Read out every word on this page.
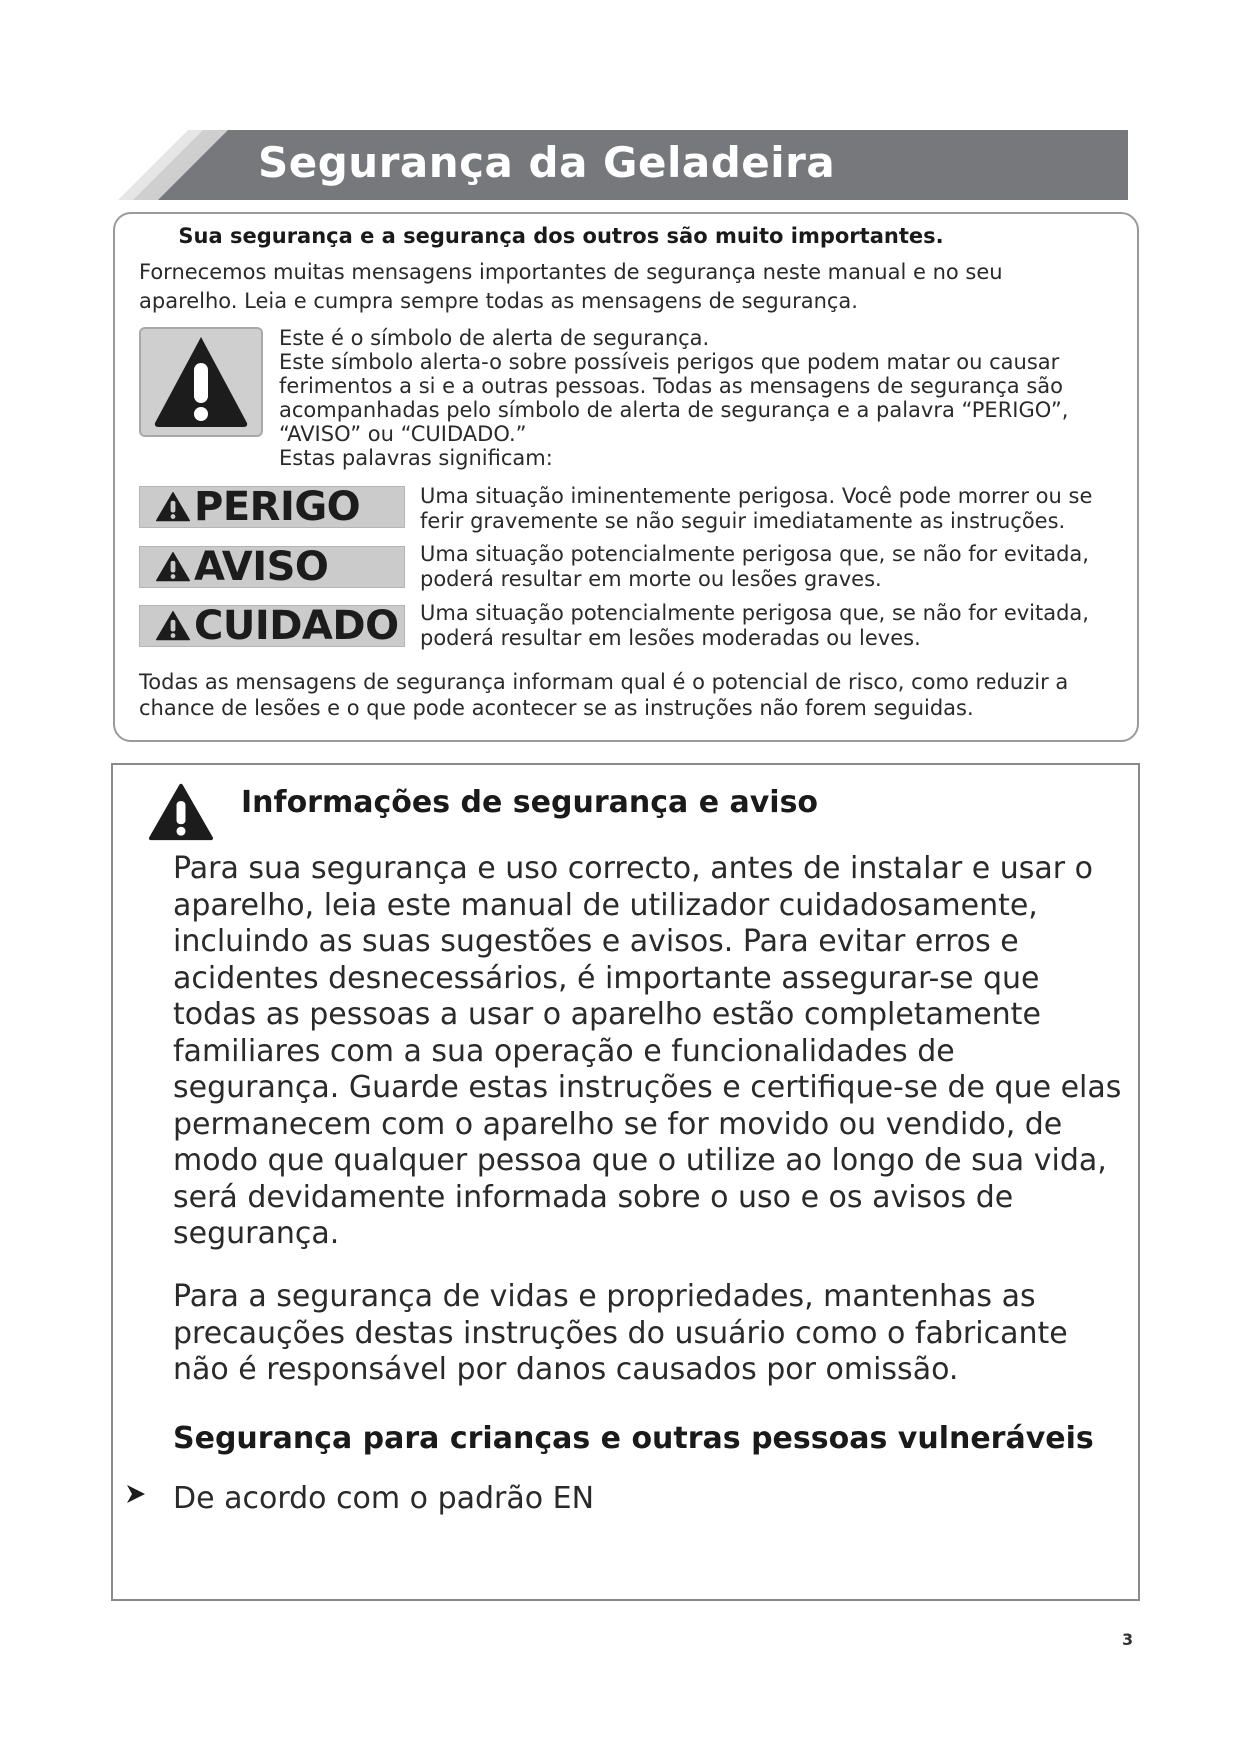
Segurança da Geladeira
Sua segurança e a segurança dos outros são muito importantes.
Fornecemos muitas mensagens importantes de segurança neste manual e no seu
aparelho. Leia e cumpra sempre todas as mensagens de segurança.
Este é o símbolo de alerta de segurança.
Este símbolo alerta-o sobre possíveis perigos que podem matar ou causar
ferimentos a si e a outras pessoas. Todas as mensagens de segurança são
acompanhadas pelo símbolo de alerta de segurança e a palavra “PERIGO”,
“AVISO” ou “CUIDADO.”
Estas palavras significam:
PERIGO	Uma situação iminentemente perigosa. Você pode morrer ou se
ferir gravemente se não seguir imediatamente as instruções.
AVISO	Uma situação potencialmente perigosa que, se não for evitada,
poderá resultar em morte ou lesões graves.
CUIDADO Uma situação potencialmente perigosa que, se não for evitada,
poderá resultar em lesões moderadas ou leves.
Todas as mensagens de segurança informam qual é o potencial de risco, como reduzir a
chance de lesões e o que pode acontecer se as instruções não forem seguidas.
Informações de segurança e aviso
Para sua segurança e uso correcto, antes de instalar e usar o
aparelho, leia este manual de utilizador cuidadosamente,
incluindo as suas sugestões e avisos. Para evitar erros e
acidentes desnecessários, é importante assegurar-se que
todas as pessoas a usar o aparelho estão completamente
familiares com a sua operação e funcionalidades de
segurança. Guarde estas instruções e certifique-se de que elas
permanecem com o aparelho se for movido ou vendido, de
modo que qualquer pessoa que o utilize ao longo de sua vida,
será devidamente informada sobre o uso e os avisos de
segurança.
Para a segurança de vidas e propriedades, mantenhas as
precauções destas instruções do usuário como o fabricante
não é responsável por danos causados por omissão.
Segurança para crianças e outras pessoas vulneráveis
De acordo com o padrão EN
3
